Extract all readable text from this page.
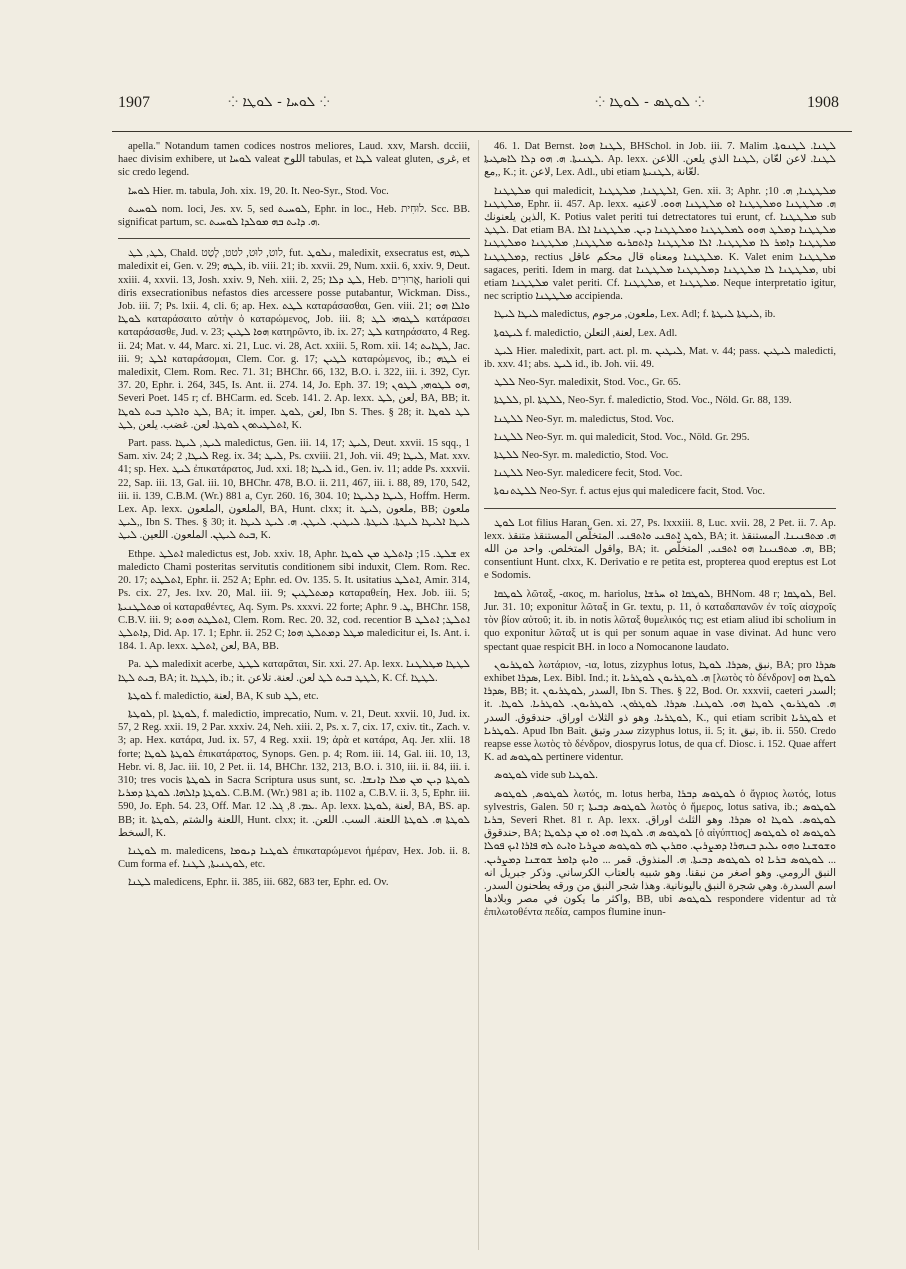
1907	⁘ ܠܘܚܐ - ܠܘܛܐ ⁘	⁘ ܠܘܛܣ - ܠܘܛܐ ⁘	1908

apella." Notandum tamen codices nostros meliores, Laud. xxv, Marsh. dcciii, haec divisim exhibere, ut ܠܘܚܐ valeat اللوح tabulas, et ܠܛܐ valeat gluten, غرى, et sic credo legend.

ܠܘܚܐ Hier. m. tabula, Joh. xix. 19, 20. It. Neo-Syr., Stod. Voc.

ܠܘܚܝܬ nom. loci, Jes. xv. 5, sed ܠܘܚܝܬ, Ephr. in loc., Heb. לוּחִית. Scc. BB. significat partum, sc. ܗ. ܕܐܝܬ ܒܗ ܡܘܠܕܐ ܠܘܚܝܬ.

ܠܛ, ܠܛ, Chald. לוט, לוּט, לטט, לָטַט, fut. ܢܠܘܛ, maledixit, exsecratus est, ܠܛܗ maledixit ei, Gen. v. 29; ܠܛܗ, ib. viii. 21; ib. xxvii. 29, Num. xxii. 6, xxiv. 9, Deut. xxiii. 4, xxvii. 13, Josh. xxiv. 9, Neh. xiii. 2, 25; ܠܛ ܕܠܐ, Heb. אֲרוּרִים, harioli qui diris exsecrationibus nefastos dies arcessere posse putabantur, Wickman. Diss., Job. iii. 7; Ps. lxii. 4, cli. 6; ap. Hex. ܠܛܬ καταράσασθαι, Gen. viii. 21; ܘܐܠܐ ܗܘ ܠܘܛܐ καταράσαιτο αὐτὴν ὁ καταρώμενος, Job. iii. 8; ܠܛܘܗܝ ܠܛ κατάρασει καταράσασθε, Jud. v. 23; ܗܘܐ ܠܛܝܢ κατηρῶντο, ib. ix. 27; ܠܛ κατηράσατο, 4 Reg. ii. 24; Mat. v. 44, Marc. xi. 21, Luc. vi. 28, Act. xxiii. 5, Rom. xii. 14; ܠܛܐܝܬ, Jac. iii. 9; ܐܠܛ καταράσομαι, Clem. Cor. g. 17; ܠܛܝܢ καταρώμενος, ib.; ܠܛܗ ei maledixit, Clem. Rom. Rec. 71. 31; BHChr. 66, 132, B.O. i. 322, iii. i. 392, Cyr. 37. 20, Ephr. i. 264, 345, Is. Ant. ii. 274. 14, Jo. Eph. 37. 19; ܗܘ ܠܛܘܗܝ, ܠܛܘܢ, Severi Poet. 145 r; cf. BHCarm. ed. Sceb. 141. 2. Ap. lexx. لعن ,ܠܛ, BA, BB; it. ܠܛ ܘܐܠܛ ܒܝܬ ܠܘܛܐ, BA; it. imper. لعن ,ܠܘܛ, Ibn S. Thes. § 28; it. ܠܛ ܠܘܛܐ ܐܬܠܛܝܬܘܢ ܠܘܛܬܐ. لعن. غضب. يلعن ,ܠܛ, K.

Part. pass. ܠܝܛ, ܠܝܛܐ maledictus, Gen. iii. 14, 17; ܠܝܛ, Deut. xxvii. 15 sqq., 1 Sam. xiv. 24; ܠܝܛܐ, 2 Reg. ix. 34; ܠܝܛ, Ps. cxviii. 21, Joh. vii. 49; ܠܝܛܐ, Mat. xxv. 41; sp. Hex. ܠܝܛ ἐπικατάρατος, Jud. xxi. 18; ܠܝܛܐ id., Gen. iv. 11; adde Ps. xxxvii. 22, Sap. iii. 13, Gal. iii. 10, BHChr. 478, B.O. ii. 211, 467, iii. i. 88, 89, 170, 542, iii. ii. 139, C.B.M. (Wr.) 881 a, Cyr. 260. 16, 304. 10; ܠܝܛܐ ܕܠܝܛܐ, Hoffm. Herm. Lex. Ap. lexx. الملعون ,الملعون, BA, Hunt. clxx; it. ملعون ,ܠܝܛ, BB; ملعون ,ܠܝܛ, Ibn S. Thes. § 30; it. ܠܝܛܐ ܐܠܝܛܐ ܠܝܛܬܐ. ܠܝܛܬܐ. ܠܝܛܝܢ. ܠܝܛܢ. ܗ. ܠܝܛ ܠܝܛܐ ܒܝܬ ܠܝܛܢ. الملعون. اللعين. ܠܝܛ, K.

Ethpe. ܐܬܠܛ maledictus est, Job. xxiv. 18, Aphr. ܫܠܛ. 15; ܕܐܬܠܛ ܡܢ ܠܘܛܐ ex maledicto Chami posteritas servitutis conditionem sibi induxit, Clem. Rom. Rec. 20. 17; ܐܬܠܛܬ, Ephr. ii. 252 A; Ephr. ed. Ov. 135. 5. It. usitatius ܐܬܠܛ, Amir. 314, Ps. cix. 27, Jes. lxv. 20, Mal. iii. 9; ܕܡܬܠܛܝܢ καταραθείη, Hex. Job. iii. 5; ܡܬܠܛܢܝܬܐ οἱ καταραθέντες, Aq. Sym. Ps. xxxvi. 22 forte; Aphr. ܛ. 9, BHChr. 158, C.B.V. iii. 9; ܐܬܠܛܬ ܗܘܬ, Clem. Rom. Rec. 20. 32, cod. recentior B ܐܬܠܛ; ܐܬܠܛ ܕܐܬܠܛ, Did. Ap. 17. 1; Ephr. ii. 252 C; ܡܛܠ ܕܡܬܠܛ ܗܘܐ maledicitur ei, Is. Ant. i. 184. 1. Ap. lexx. لعن ,ܐܬܠܛ, BA, BB.

Pa. ܠܛ maledixit acerbe, ܠܛܛ καταρᾶται, Sir. xxi. 27. Ap. lexx. ܠܛܛܐ ܡܛܠܛܢܐ ܒܝܬ ܠܛܐ, BA; it. ܠܛܛܐ, ib.; it. ܠܛܛ ܒܝܬ ܠܛ لعن. لعنة. تلاعن, K. Cf. ܠܛܛܐ.

ܠܘܛܬܐ f. maledictio, لعنة, BA, K sub ܠܛ, etc.

ܠܘܛܬܐ, pl. ܠܘܛܬܐ, f. maledictio, imprecatio, Num. v. 21, Deut. xxvii. 10, Jud. ix. 57, 2 Reg. xxii. 19, 2 Par. xxxiv. 24, Neh. xiii. 2, Ps. x. 7, cix. 17, cxiv. tit., Zach. v. 3; ap. Hex. κατάρα, Jud. ix. 57, 4 Reg. xxii. 19; ἀρὰ et κατάρα, Aq. Jer. xlii. 18 forte; ܠܘܛܬܐ ܠܘܛܐ ἐπικατάρατος, Synops. Gen. p. 4; Rom. iii. 14, Gal. iii. 10, 13, Hebr. vi. 8, Jac. iii. 10, 2 Pet. ii. 14, BHChr. 132, 213, B.O. i. 310, iii. ii. 84, iii. i. 310; tres vocis ܠܘܛܬܐ in Sacra Scriptura usus sunt, sc. ܠܘܛܬܐ ܕܝܢ ܡܢ ܡܠܐ ܕܐܢܫܐ. ܠܘܛܬܐ ܕܐܠܗܐ. ܠܘܛܬܐ ܕܡܪܝܐ. C.B.M. (Wr.) 981 a; ib. 1102 a, C.B.V. ii. 3, 5, Ephr. iii. 590, Jo. Eph. 54. 23, Off. Mar. ܥܡ. 8, ܓܠ. 12. Ap. lexx. لعنة ,ܠܘܛܬܐ, BA, BS. ap. BB; it. اللعنة والشتم ,ܠܘܛܬܐ, Hunt. clxx; it. ܠܘܛܬܐ ܗ. ܠܘܛܬܐ اللعنة. السب. اللعن. السخط, K.

ܠܘܛܢܐ m. maledicens, ܠܘܛܢܐ ܕܝܘܡܐ ἐπικαταρώμενοι ἡμέραν, Hex. Job. ii. 8. Cum forma ef. ܠܘܛܢܝܬܐ, ܠܛܢܐ, etc.

ܠܛܢܐ maledicens, Ephr. ii. 385, iii. 682, 683 ter, Ephr. ed. Ov.

46. 1. Dat Bernst. ܠܛܢܐ ܗܘܐ, BHSchol. in Job. iii. 7. Malim ܠܛܢܐ. ܠܛܢܘܬܐ. ܠܛܢܝܬܐ. ܗ. ܗܘ ܕܠܐ ܠܐܣܛܝܬܐ. Ap. lexx. ܠܛܢܐ. لاعن لعّان ,ܠܛܢܐ الذي يلعن. اللاعن ,مع, K.; it. لاعن, Lex. Adl., ubi etiam لعّانة ,ܠܛܢܝܬܐ.

ܡܠܛܛܢܐ qui maledicit, ܐܠܛܛܢܐ, ܡܠܛܛܢܐ, Gen. xii. 3; Aphr. ܡܠܛܛܢܐ, ܗ. 10; ܡܠܛܛܢܐ, Ephr. ii. 457. Ap. lexx. ܗ. ܡܠܛܛܢܐ ܘܡܠܛܛܢܐ ܐܘ ܡܠܛܛܢܐ ܗܘܘ. لاعنيه الذين يلعنونك, K. Potius valet periti tui detrectatores tui erunt, cf. ܡܠܛܛܢܐ sub ܠܛܛ. Dat etiam BA. ܡܠܛܛܢܐ ܕܡܠܛ ܗܘܘ ܠܡܠܛܛܢܐ ܘܡܠܛܛܢܐ ܕܝܢ. ܡܠܛܛܢܐ ܐܠܐ ܡܠܛܛܢܐ ܕܐܡܪ ܠܐ ܡܠܛܛܢܐ. ܐܠܐ ܡܠܛܛܢܐ ܕܐܬܩܪܝܘ ܡܠܛܛܢܐ, ܡܠܛܛܢܐ ܘܡܠܛܛܢܐ ܕܡܠܛܛܢܐ, rectius ܡܠܛܛܢܐ ومعناه قال محكم عاقل. K. Valet enim ܡܠܛܛܢܐ sagaces, periti. Idem in marg. dat ܡܠܛܛܢܐ ܠܐ ܡܠܛܛܢܐ ܕܡܠܛܛܢܐ ܡܠܛܛܢܐ, ubi etiam ܡܠܛܛܢܐ valet periti. Cf. ܡܠܛܛܢܐ, et ܡܠܛܛܢܐ. Neque interpretatio igitur, nec scriptio ܡܠܛܛܢܐ accipienda.

ܠܝܛܐ ܠܝܛܐ maledictus, ملعون, مرجوم, Lex. Adl; f. ܠܝܛܬܐ ܠܝܛܬܐ, ib.

ܠܝܛܘܬܐ f. maledictio, لعنة, التعلن, Lex. Adl.

ܠܝܛ Hier. maledixit, part. act. pl. m. ܠܝܛܝܢ, Mat. v. 44; pass. ܠܝܛܝܢ maledicti, ib. xxv. 41; abs. ܠܝܛ id., ib. Joh. vii. 49.

ܠܠܛ Neo-Syr. maledixit, Stod. Voc., Gr. 65.

ܠܠܛܬܐ, pl. ܠܠܛܬܐ, Neo-Syr. f. maledictio, Stod. Voc., Nöld. Gr. 88, 139.

ܠܠܛܢܐ Neo-Syr. m. maledictus, Stod. Voc.

ܠܠܛܢܐ Neo-Syr. m. qui maledicit, Stod. Voc., Nöld. Gr. 295.

ܠܠܛܬܐ Neo-Syr. m. maledictio, Stod. Voc.

ܠܠܛܢܐ Neo-Syr. maledicere fecit, Stod. Voc.

ܠܠܛܬܢܘܬܐ Neo-Syr. f. actus ejus qui maledicere facit, Stod. Voc.

ܠܘܛ Lot filius Haran, Gen. xi. 27, Ps. lxxxiii. 8, Luc. xvii. 28, 2 Pet. ii. 7. Ap. lexx. ܠܘܛ ܐܬܦܢܝ ܘܐܬܦܢܝ. المتخلّص المستنقذ متنقذ, BA; it. ܗ. ܡܬܦܢܝܢܐ. المستنقذ واقول المتخلص. واحد من الله, BA; it. ܗ. ܡܬܦܢܝܢܐ ܗܘ ܐܬܦܢܝ, المتخلّص, BB; consentiunt Hunt. clxx, K. Derivatio e re petita est, propterea quod ereptus est Lot e Sodomis.

ܠܘܛܩܐ λῶταξ, -ακος, m. hariolus, ܠܘܛܩܐ ܐܘ ܚܪܫܐ, BHNom. 48 r; ܠܘܛܩܐ, Bel. Jur. 31. 10; exponitur λῶταξ in Gr. textu, p. 11, ὁ καταδαπανῶν ἐν τοῖς αἰσχροῖς τὸν βίον αὐτοῦ; it. ib. in notis λῶταξ θυμελικός τις; est etiam aliud ibi scholium in quo exponitur λῶταξ ut is qui per sonum aquae in vase divinat. Ad hunc vero spectant quae respicit BH. in loco a Nomocanone laudato.

ܠܘܛܪܝܘܢ λωτάριον, -ια, lotus, zizyphus lotus, نبق ,ܣܕܪܐ. ܠܘܛܐ, BA; pro ܣܕܪܐ exhibet ܣܕܪܐ, Lex. Bibl. Ind.; it. ܗ. ܠܘܛܪܝܘܢ ܠܘܛܪܝܐ [λωτὸς τὸ δένδρον] ܠܘܛܐ ܗܘ ܣܕܪܐ, BB; it. السدر ,ܠܘܛܪܝܘܢ, Ibn S. Thes. § 22, Bod. Or. xxxvii, caeteri السدر; it. ܗ. ܠܘܛܪܝܘܢ ܠܘܛܐ ܗܘ. ܠܘܛܢܐ. ܣܕܪܐ. ܠܘܛܪܘܢ. ܠܘܛܪܝܘܢ. ܠܘܛܪܝܐ. ܠܘܛܐ. ܠܘܛܪܝܐ. وهو ذو الثلاث اوراق. حندقوق. السدر, K., qui etiam scribit ܠܘܛܪܝܐ et ܠܘܛܪܝܐ. Apud Ibn Bait. سدر وتبق zizyphus lotus, ii. 5; it. نبق, ib. ii. 550. Credo reapse esse λωτὸς τὸ δένδρον, diospyrus lotus, de qua cf. Diosc. i. 152. Quae affert K. ad ܠܘܛܘܣ pertinere videntur.

ܠܘܛܘܣ vide sub ܠܘܛܝܐ.

ܠܘܛܘܣ, ܠܘܛܘܣ λωτός, m. lotus herba, ܠܘܛܘܣ ܕܒܪܐ ὁ ἄγριος λωτός, lotus sylvestris, Galen. 50 r; ܠܘܛܘܣ ܕܒܝܬܐ λωτὸς ὁ ἥμερος, lotus sativa, ib.; ܠܘܛܘܣ ܒܪܝܐ, Severi Rhet. 81 r. Ap. lexx. ܠܘܛܘܣ. ܠܘܛܐ ܐܘ ܣܕܪܐ. وهو الثلث اوراق. حندقوق, BA; ܠܘܛܘܣ ܗ. ܠܘܛܐ ܗܘ. ܐܘ ܡܢ ܕܠܘܛܐ [ὁ αἰγύπτιος] ܠܘܛܘܣ ܐܘ ܠܘܛܘܣ ܘܫܘܫܢܐ ܘܗܘ ܝܠܝܕ ܒܢܗܪܐ ܕܡܨܪܝܢ. ܘܩܪܝܢ ܠܗ ܠܘܛܘܣ ܡܨܪܝܐ ܘܐܝܬ ܠܗ ܦܐܪܐ ܐܝܟ ܦܘܠܐ ... ܠܘܛܘܣ ܒܪܝܐ ܐܘ ܠܘܛܘܣ ܕܒܝܬܐ. ܗ. المنذوق. قمر ... ܘܐܝܟ ܕܐܡܪ ܫܘܫܢܐ ܕܡܨܪܝܢ. النبق الرومي. وهو اصغر من نبقنا. وهو شبيه بالعتاب الكرساني. وذكر جبريل انه اسم السدرة. وهي شجرة النبق باليونانية. وهذا شجر النبق من ورقه يطحنون السدر. واكثر ما يكون في مصر وبلادها, BB, ubi ܠܘܛܘܣ respondere videntur ad τὰ ἐπιλωτοθέντα πεδία, campos flumine inun-
